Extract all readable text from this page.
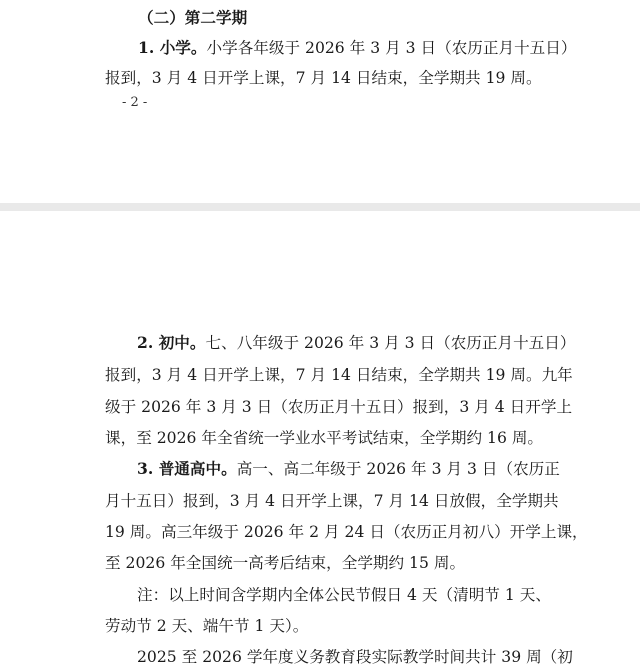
（二）第二学期
1. 小学。小学各年级于 2026 年 3 月 3 日（农历正月十五日）
报到，3 月 4 日开学上课，7 月 14 日结束，全学期共 19 周。
- 2 -
2. 初中。七、八年级于 2026 年 3 月 3 日（农历正月十五日）
报到，3 月 4 日开学上课，7 月 14 日结束，全学期共 19 周。九年
级于 2026 年 3 月 3 日（农历正月十五日）报到，3 月 4 日开学上
课，至 2026 年全省统一学业水平考试结束，全学期约 16 周。
3. 普通高中。高一、高二年级于 2026 年 3 月 3 日（农历正
月十五日）报到，3 月 4 日开学上课，7 月 14 日放假，全学期共
19 周。高三年级于 2026 年 2 月 24 日（农历正月初八）开学上课，
至 2026 年全国统一高考后结束，全学期约 15 周。
注：以上时间含学期内全体公民节假日 4 天（清明节 1 天、
劳动节 2 天、端午节 1 天）。
2025 至 2026 学年度义务教育段实际教学时间共计 39 周（初
